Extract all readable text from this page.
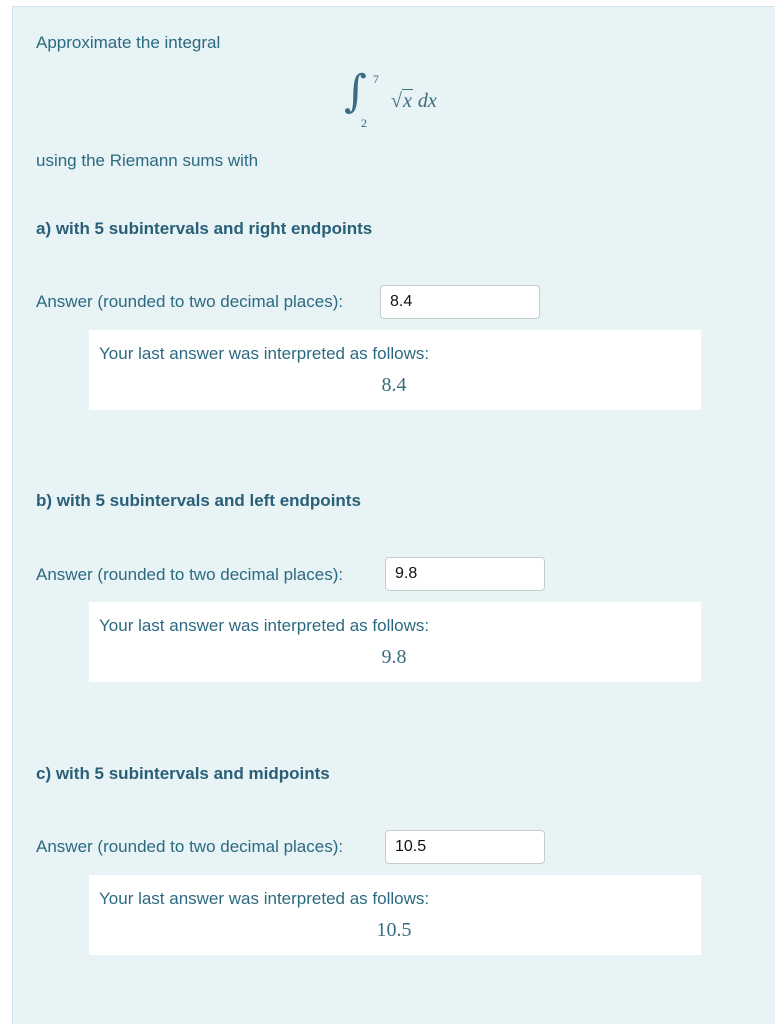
Approximate the integral
∫ 7
2
√x dx
using the Riemann sums with
a) with 5 subintervals and right endpoints
Answer (rounded to two decimal places):	8.4
Your last answer was interpreted as follows:
8.4
b) with 5 subintervals and left endpoints
Answer (rounded to two decimal places):	9.8
Your last answer was interpreted as follows:
9.8
c) with 5 subintervals and midpoints
Answer (rounded to two decimal places):	10.5
Your last answer was interpreted as follows:
10.5
